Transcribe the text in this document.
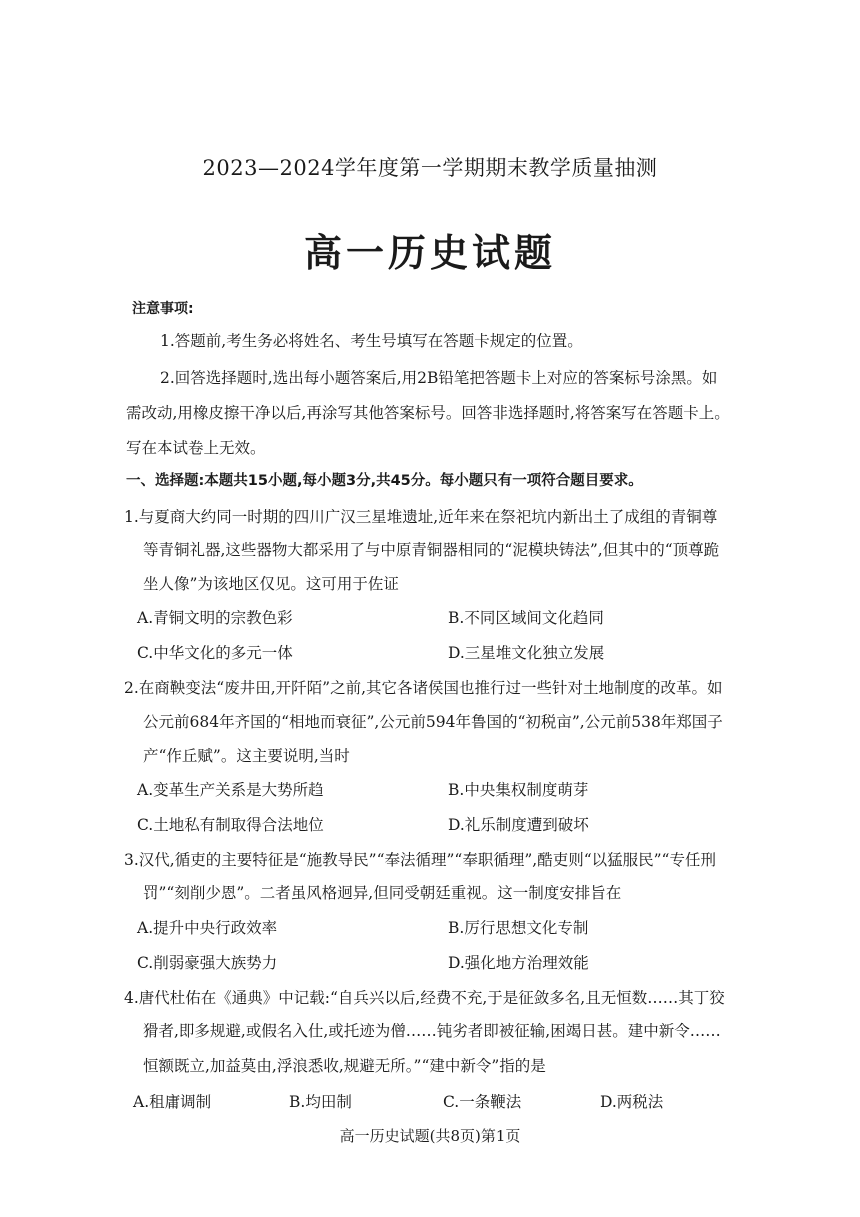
2023—2024学年度第一学期期末教学质量抽测
高一历史试题
注意事项:
1.答题前,考生务必将姓名、考生号填写在答题卡规定的位置。
2.回答选择题时,选出每小题答案后,用2B铅笔把答题卡上对应的答案标号涂黑。如
需改动,用橡皮擦干净以后,再涂写其他答案标号。回答非选择题时,将答案写在答题卡上。
写在本试卷上无效。
一、选择题:本题共15小题,每小题3分,共45分。每小题只有一项符合题目要求。
1.与夏商大约同一时期的四川广汉三星堆遗址,近年来在祭祀坑内新出土了成组的青铜尊
等青铜礼器,这些器物大都采用了与中原青铜器相同的“泥模块铸法”,但其中的“顶尊跪
坐人像”为该地区仅见。这可用于佐证
A.青铜文明的宗教色彩	B.不同区域间文化趋同
C.中华文化的多元一体	D.三星堆文化独立发展
2.在商鞅变法“废井田,开阡陌”之前,其它各诸侯国也推行过一些针对土地制度的改革。如
公元前684年齐国的“相地而衰征”,公元前594年鲁国的“初税亩”,公元前538年郑国子
产“作丘赋”。这主要说明,当时
A.变革生产关系是大势所趋	B.中央集权制度萌芽
C.土地私有制取得合法地位	D.礼乐制度遭到破坏
3.汉代,循吏的主要特征是“施教导民”“奉法循理”“奉职循理”,酷吏则“以猛服民”“专任刑
罚”“刻削少恩”。二者虽风格迥异,但同受朝廷重视。这一制度安排旨在
A.提升中央行政效率	B.厉行思想文化专制
C.削弱豪强大族势力	D.强化地方治理效能
4.唐代杜佑在《通典》中记载:“自兵兴以后,经费不充,于是征敛多名,且无恒数……其丁狡
猾者,即多规避,或假名入仕,或托迹为僧……钝劣者即被征输,困竭日甚。建中新令……
恒额既立,加益莫由,浮浪悉收,规避无所。”“建中新令”指的是
A.租庸调制	B.均田制	C.一条鞭法	D.两税法
高一历史试题(共8页)第1页
